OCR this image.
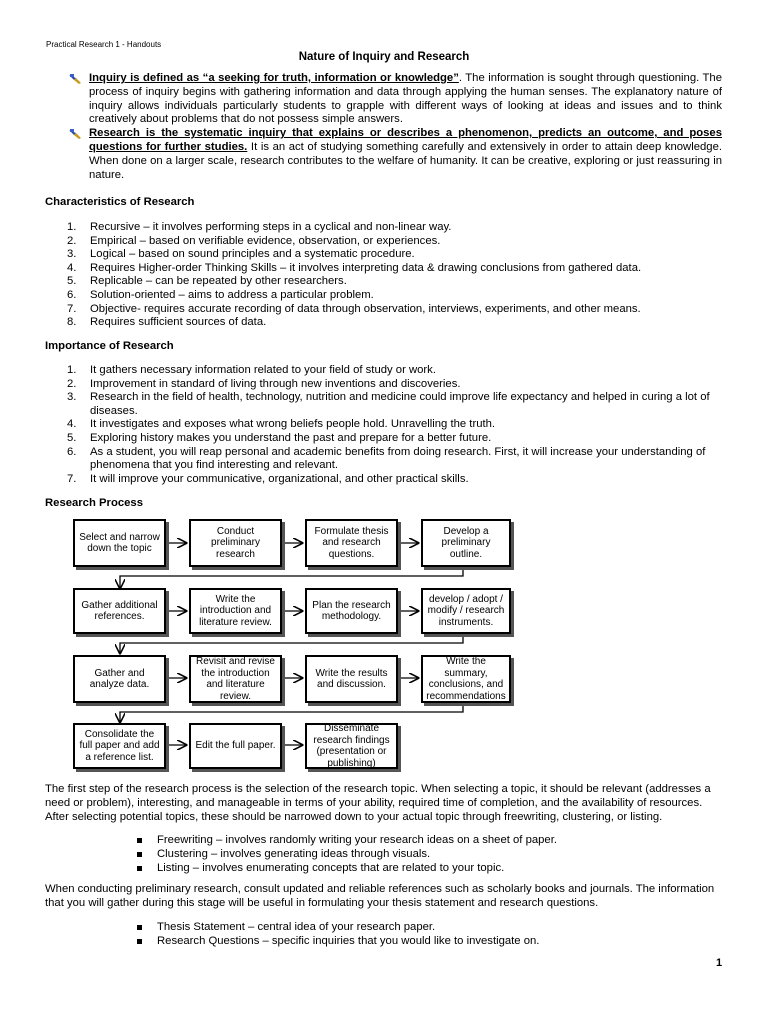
Practical Research 1 - Handouts
Nature of Inquiry and Research
Inquiry is defined as “a seeking for truth, information or knowledge”. The information is sought through questioning. The process of inquiry begins with gathering information and data through applying the human senses. The explanatory nature of inquiry allows individuals particularly students to grapple with different ways of looking at ideas and issues and to think creatively about problems that do not possess simple answers.
Research is the systematic inquiry that explains or describes a phenomenon, predicts an outcome, and poses questions for further studies. It is an act of studying something carefully and extensively in order to attain deep knowledge. When done on a larger scale, research contributes to the welfare of humanity. It can be creative, exploring or just reassuring in nature.
Characteristics of Research
1. Recursive – it involves performing steps in a cyclical and non-linear way.
2. Empirical – based on verifiable evidence, observation, or experiences.
3. Logical – based on sound principles and a systematic procedure.
4. Requires Higher-order Thinking Skills – it involves interpreting data & drawing conclusions from gathered data.
5. Replicable – can be repeated by other researchers.
6. Solution-oriented – aims to address a particular problem.
7. Objective- requires accurate recording of data through observation, interviews, experiments, and other means.
8. Requires sufficient sources of data.
Importance of Research
1. It gathers necessary information related to your field of study or work.
2. Improvement in standard of living through new inventions and discoveries.
3. Research in the field of health, technology, nutrition and medicine could improve life expectancy and helped in curing a lot of diseases.
4. It investigates and exposes what wrong beliefs people hold. Unravelling the truth.
5. Exploring history makes you understand the past and prepare for a better future.
6. As a student, you will reap personal and academic benefits from doing research. First, it will increase your understanding of phenomena that you find interesting and relevant.
7. It will improve your communicative, organizational, and other practical skills.
Research Process
Select and narrow down the topic
Conduct preliminary research
Formulate thesis and research questions.
Develop a preliminary outline.
Gather additional references.
Write the introduction and literature review.
Plan the research methodology.
develop / adopt / modify / research instruments.
Gather and analyze data.
Revisit and revise the introduction and literature review.
Write the results and discussion.
Write the summary, conclusions, and recommendations
Consolidate the full paper and add a reference list.
Edit the full paper.
Disseminate research findings (presentation or publishing)
The first step of the research process is the selection of the research topic. When selecting a topic, it should be relevant (addresses a need or problem), interesting, and manageable in terms of your ability, required time of completion, and the availability of resources. After selecting potential topics, these should be narrowed down to your actual topic through freewriting, clustering, or listing.
Freewriting – involves randomly writing your research ideas on a sheet of paper.
Clustering – involves generating ideas through visuals.
Listing – involves enumerating concepts that are related to your topic.
When conducting preliminary research, consult updated and reliable references such as scholarly books and journals. The information that you will gather during this stage will be useful in formulating your thesis statement and research questions.
Thesis Statement – central idea of your research paper.
Research Questions – specific inquiries that you would like to investigate on.
1
